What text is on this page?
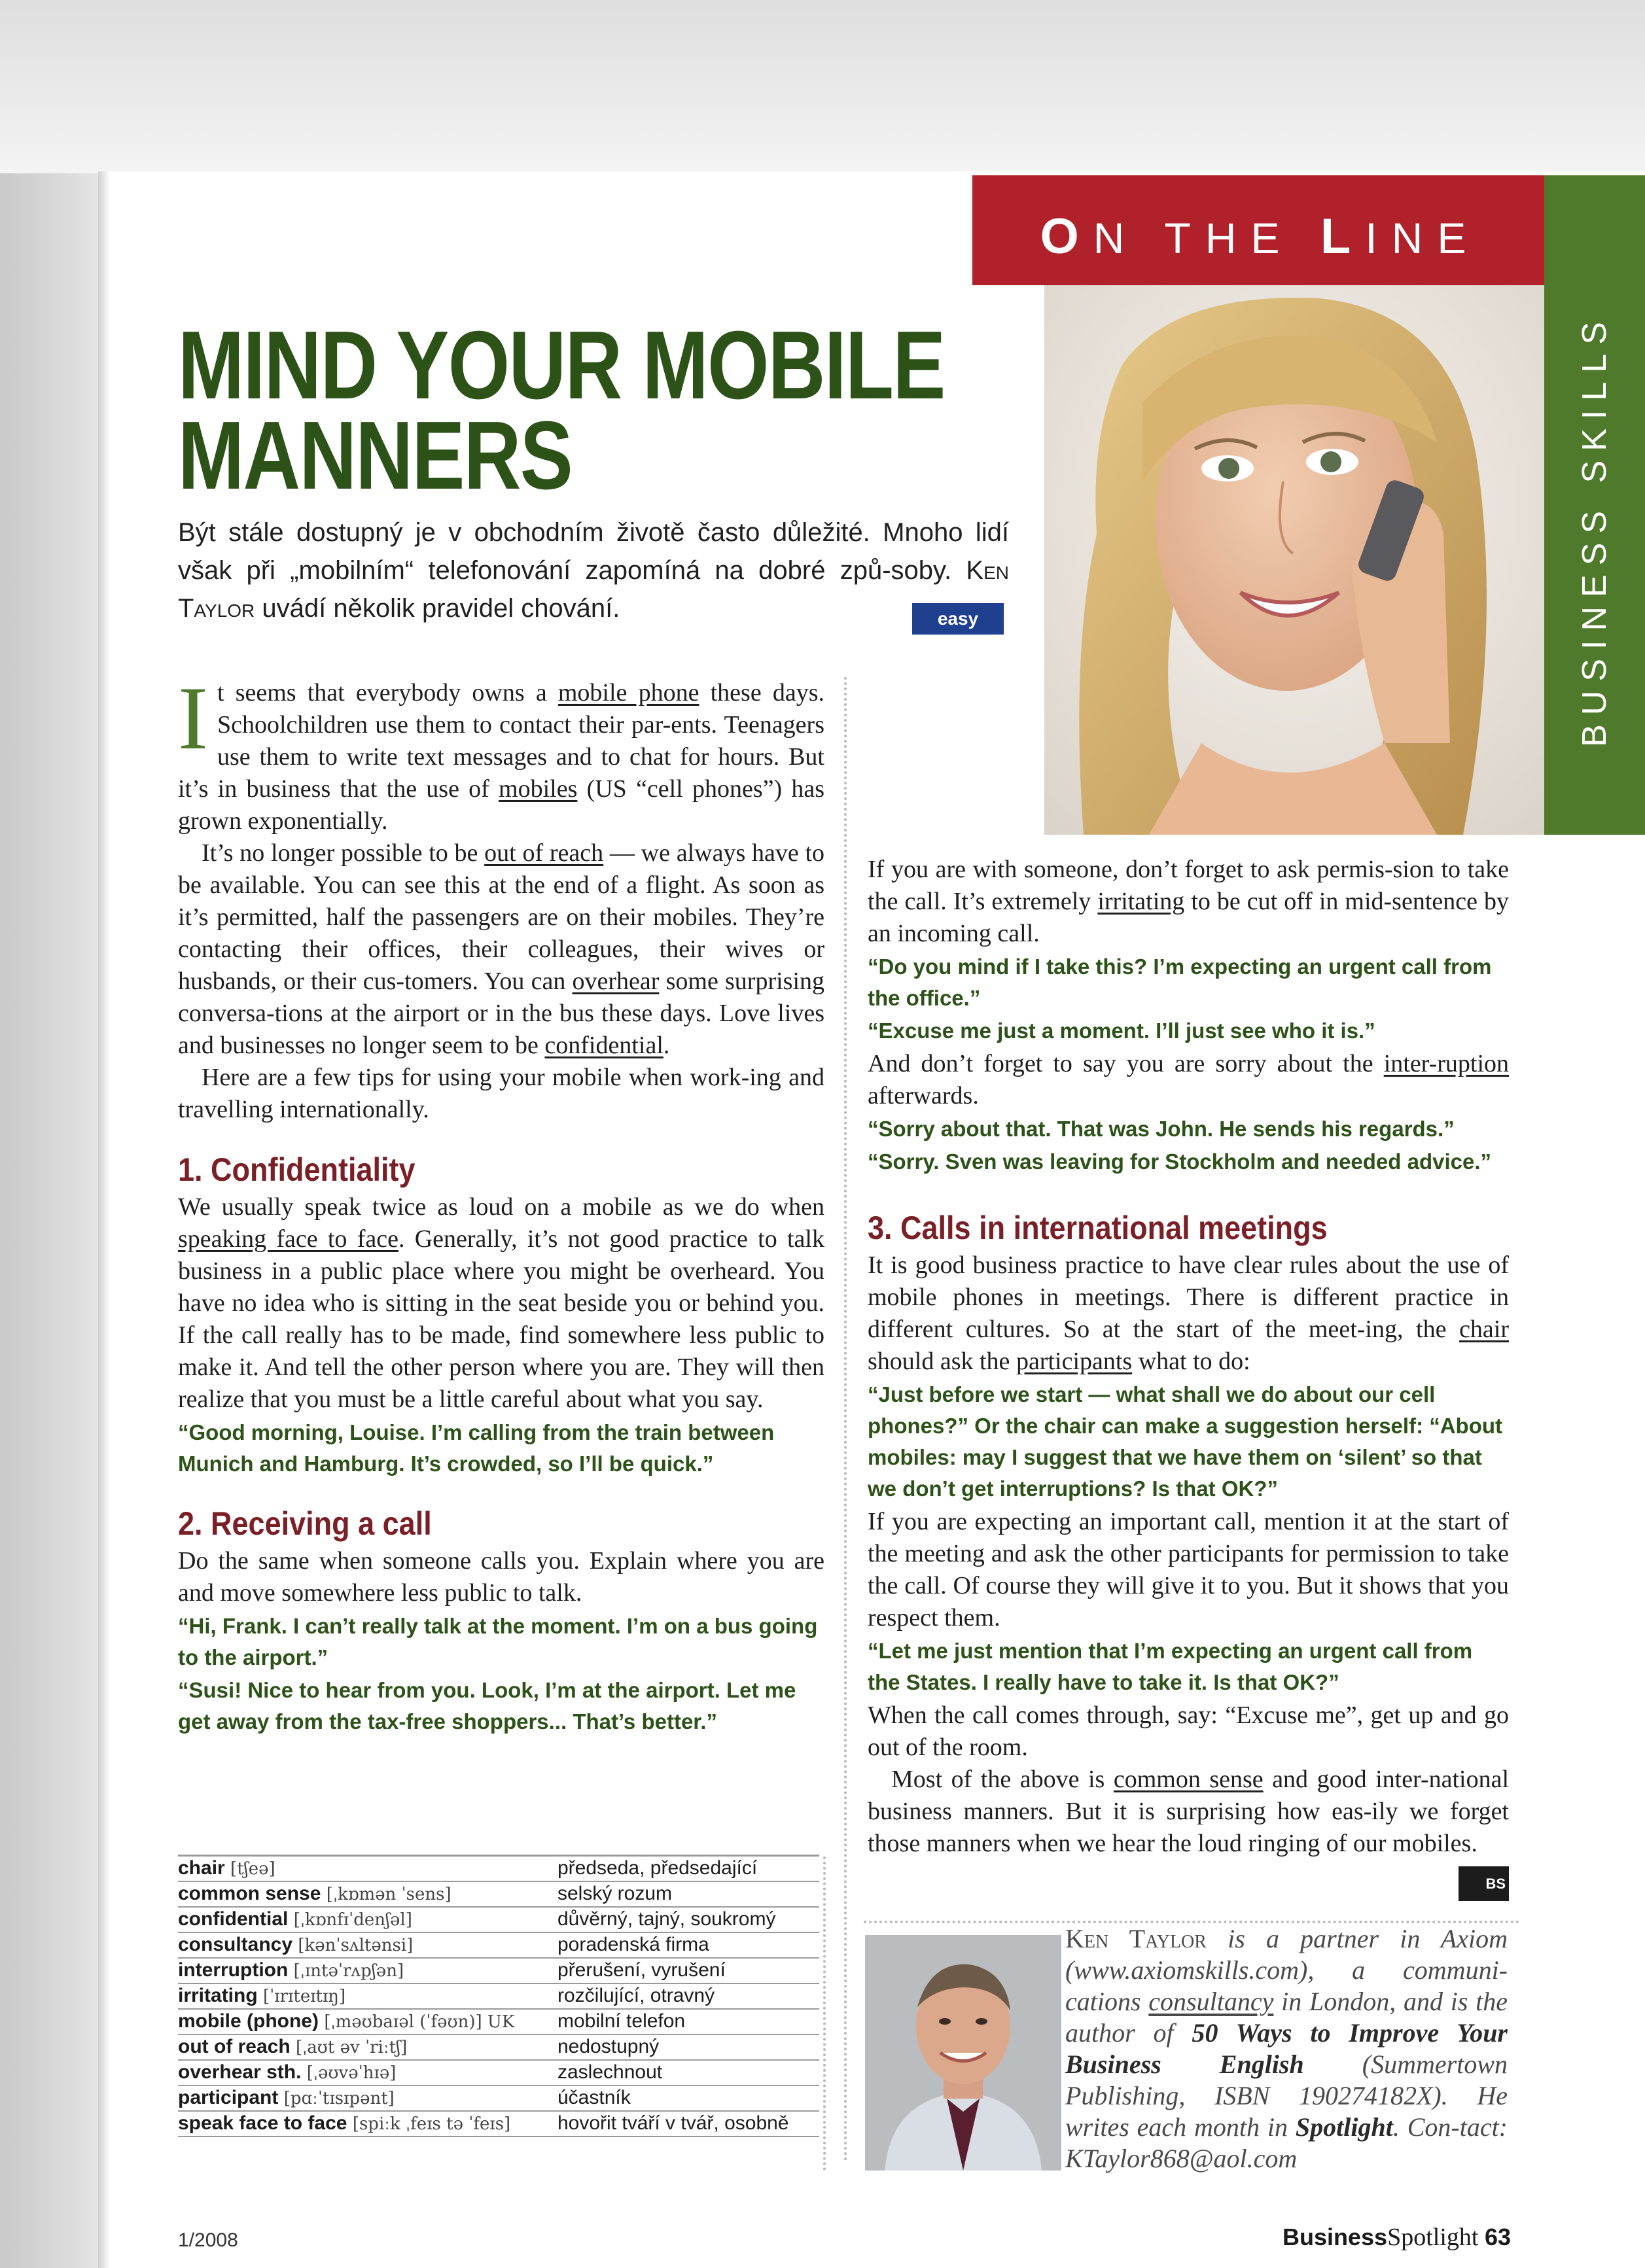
ON THE LINE
BUSINESS SKILLS
MIND YOUR MOBILE
MANNERS
Být stále dostupný je v obchodním životě často důležité. Mnoho lidí však při „mobilním“ telefonování zapomíná na dobré způ-soby. Ken Taylor uvádí několik pravidel chování.	easy

I t seems that everybody owns a mobile phone these days. Schoolchildren use them to contact their par-ents. Teenagers use them to write text messages and to chat for hours. But it’s in business that the use of mobiles (US “cell phones”) has grown exponentially.

It’s no longer possible to be out of reach — we always have to be available. You can see this at the end of a flight. As soon as it’s permitted, half the passengers are on their mobiles. They’re contacting their offices, their colleagues, their wives or husbands, or their cus-tomers. You can overhear some surprising conversa-tions at the airport or in the bus these days. Love lives and businesses no longer seem to be confidential.

Here are a few tips for using your mobile when work-ing and travelling internationally.

1. Confidentiality

We usually speak twice as loud on a mobile as we do when speaking face to face. Generally, it’s not good practice to talk business in a public place where you might be overheard. You have no idea who is sitting in the seat beside you or behind you. If the call really has to be made, find somewhere less public to make it. And tell the other person where you are. They will then realize that you must be a little careful about what you say.

“Good morning, Louise. I’m calling from the train between Munich and Hamburg. It’s crowded, so I’ll be quick.”
2. Receiving a call

Do the same when someone calls you. Explain where you are and move somewhere less public to talk.

“Hi, Frank. I can’t really talk at the moment. I’m on a bus going to the airport.”
“Susi! Nice to hear from you. Look, I’m at the airport. Let me get away from the tax-free shoppers... That’s better.”

If you are with someone, don’t forget to ask permis-sion to take the call. It’s extremely irritating to be cut off in mid-sentence by an incoming call.

“Do you mind if I take this? I’m expecting an urgent call from the office.”
“Excuse me just a moment. I’ll just see who it is.”

And don’t forget to say you are sorry about the inter-ruption afterwards.

“Sorry about that. That was John. He sends his regards.”
“Sorry. Sven was leaving for Stockholm and needed advice.”
3. Calls in international meetings

It is good business practice to have clear rules about the use of mobile phones in meetings. There is different practice in different cultures. So at the start of the meet-ing, the chair should ask the participants what to do:

“Just before we start — what shall we do about our cell phones?” Or the chair can make a suggestion herself: “About mobiles: may I suggest that we have them on ‘silent’ so that we don’t get interruptions? Is that OK?”

If you are expecting an important call, mention it at the start of the meeting and ask the other participants for permission to take the call. Of course they will give it to you. But it shows that you respect them.

“Let me just mention that I’m expecting an urgent call from the States. I really have to take it. Is that OK?”

When the call comes through, say: “Excuse me”, get up and go out of the room.

Most of the above is common sense and good inter-national business manners. But it is surprising how eas-ily we forget those manners when we hear the loud ringing of our mobiles.
BS

chair [tʃeə]	předseda, předsedající
common sense [ˌkɒmən ˈsens]	selský rozum
confidential [ˌkɒnfɪˈdenʃəl]	důvěrný, tajný, soukromý
consultancy [kənˈsʌltənsi]	poradenská firma
interruption [ˌɪntəˈrʌpʃən]	přerušení, vyrušení
irritating [ˈɪrɪteɪtɪŋ]	rozčilující, otravný
mobile (phone) [ˌməʊbaɪəl (ˈfəʊn)] UK	mobilní telefon
out of reach [ˌaʊt əv ˈriːtʃ]	nedostupný
overhear sth. [ˌəʊvəˈhɪə]	zaslechnout
participant [pɑːˈtɪsɪpənt]	účastník
speak face to face [spiːk ˌfeɪs tə ˈfeɪs]	hovořit tváří v tvář, osobně
Ken Taylor is a partner in Axiom (www.axiomskills.com), a communi-cations consultancy in London, and is the author of 50 Ways to Improve Your Business English (Summertown Publishing, ISBN 190274182X). He writes each month in Spotlight. Con-tact: KTaylor868@aol.com
1/2008	BusinessSpotlight 63
